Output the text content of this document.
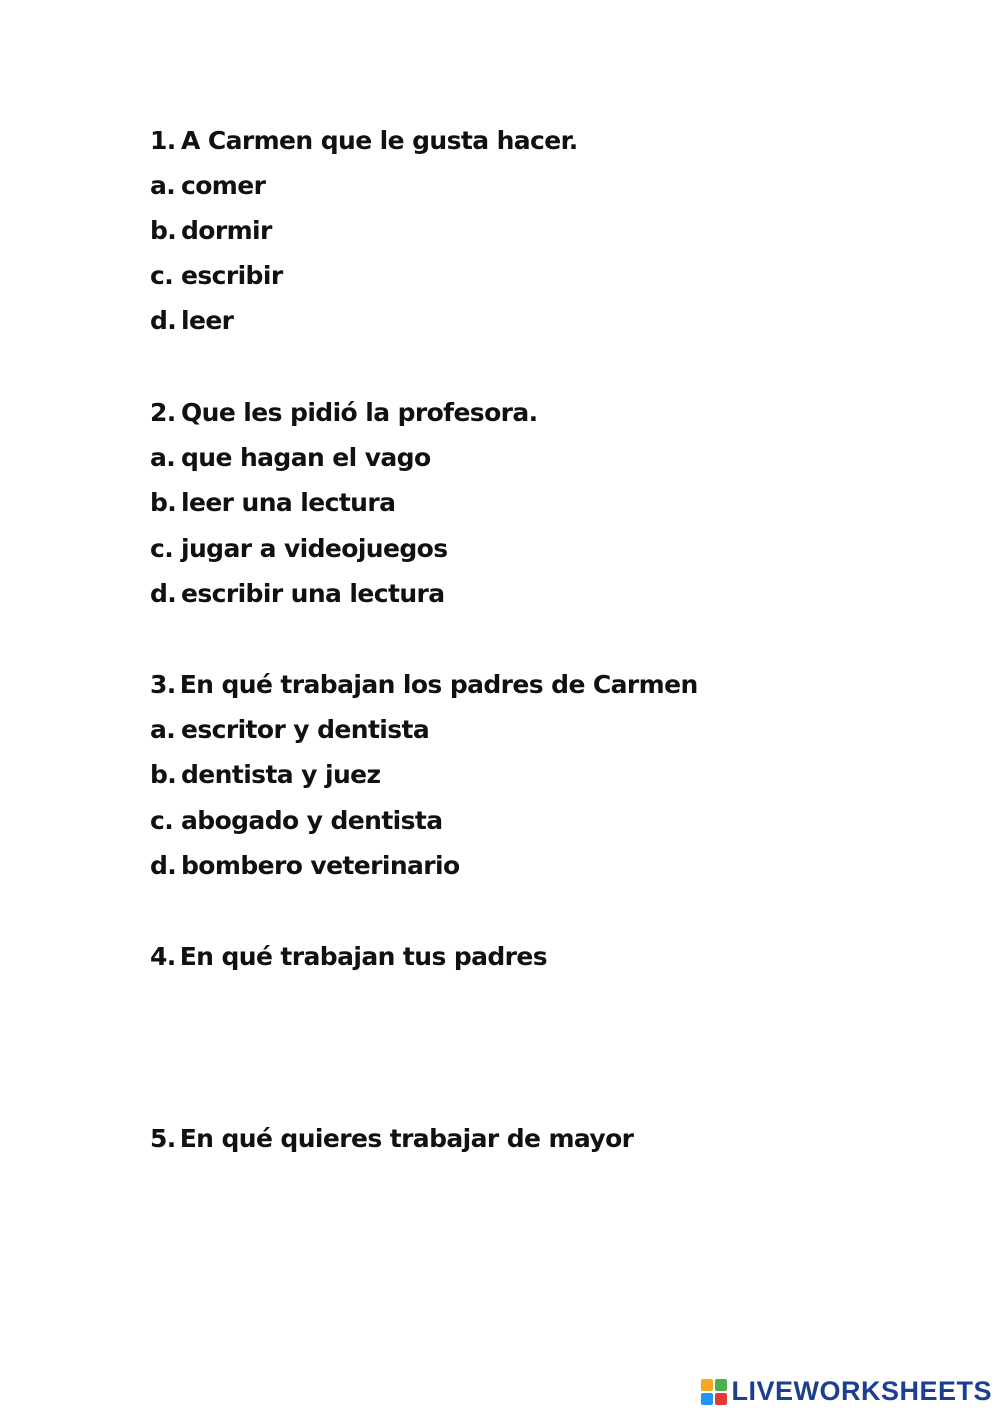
1. A Carmen que le gusta hacer.
a. comer
b. dormir
c. escribir
d. leer
2. Que les pidió la profesora.
a. que hagan el vago
b. leer una lectura
c. jugar a videojuegos
d. escribir una lectura
3. En qué trabajan los padres de Carmen
a. escritor y dentista
b. dentista y juez
c. abogado y dentista
d. bombero veterinario
4. En qué trabajan tus padres
5. En qué quieres trabajar de mayor
LIVEWORKSHEETS
